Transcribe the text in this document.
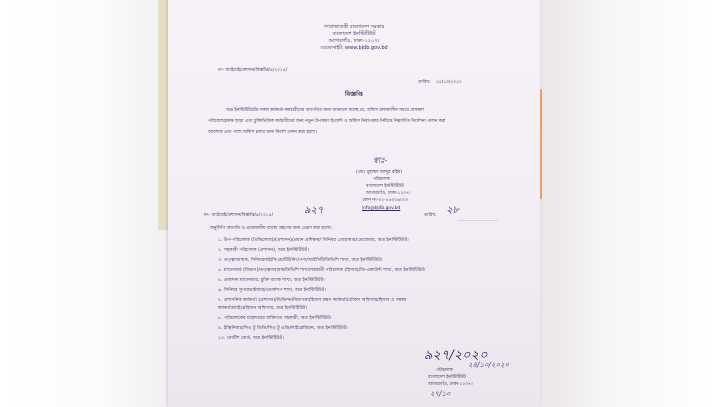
গণপ্রজাতন্ত্রী বাংলাদেশ সরকার
বাংলাদেশ ইনস্টিটিউট
আগারগাঁও, ঢাকা-১২০৭।
ওয়েবসাইট: www.bjdb.gov.bd
নং- বাংইয়েই/প্রশাসন/বিজ্ঞপ্তি/৯/২০১৫/
তারিখ: ২৪/১০/২০২০
বিজ্ঞপ্তি
অত্র ইনস্টিটিউটের সকল কর্মকর্তা-কর্মচারীদের অবগতির জন্য জানানো যাচ্ছে যে, অফিস চলাকালীন সময়ে যেসকল
পরিবেশের/কক্ষ ছাড়া এবং চুক্তিভিত্তিক কর্মচারীদের জন্য নতুন উপকরণ ইত্যাদি ও অফিস নিরাপত্তার নিমিত্তে নিম্নবর্ণিত নির্দেশনা পালন করা
আবশ্যক এবং পাশে অফিস চলার জন্য নির্দেশ প্রদান করা হলো।
স্বাঃ-
(মোঃ মুহাম্মদ আব্দুর রহিম)
পরিচালক
বাংলাদেশ ইনস্টিটিউট
আগারগাঁও, ঢাকা-১২০৭।
ফোন নং-০২-৫৫০০৬০০০
info@bjdb.gov.bd
নং- বাংইয়েই/প্রশাসন/বিজ্ঞপ্তি/৯/২০১৫/	৯২৭	তারিখ: ২৮
অনুলিপি অবগতি ও প্রয়োজনীয় ব্যবস্থা গ্রহণের জন্য প্রেরণ করা হলো।
১. উপ-পরিচালক (প্রিভিলেজ)/(প্রশাসন)/প্রধান প্রশিক্ষক/ সিনিয়র প্রোগ্রামার/প্রোগ্রামার, অত্র ইনস্টিটিউট।
২. সহকারী পরিচালক (প্রশাসন), অত্র ইনস্টিটিউট।
৩. তত্ত্বাবধায়ক, সিনিয়রমাই/সিএম/টিউনিং/পণ্য/আইসিটি/ডিভিশি শাখা, অত্র ইনস্টিটিউট।
৪. ম্যানেজার (বিভাগ)/তত্ত্বাবধায়ক/ডিভিশি শাখা/সহকারী পরিচালক (হিসাব)/ডি-একাউন্ট শাখা, অত্র ইনস্টিটিউট।
৫. প্রকাশনা ম্যানেজার, চুক্তি ব্যাংক শাখা, অত্র ইনস্টিটিউট।
৬. সিনিয়র সুপারভাইজার/ওয়ার্কশপ শাখা, অত্র ইনস্টিটিউট।
৭. প্রশাসনিক কর্মকর্তা (প্রশাসন)/ডিভিশন/নিরাপত্তা/হিসাব রক্ষণ কর্মকর্তা/চৌকস অফিসার/হিসাব ও সমন্বয়
কর্মকর্তা/লাইব্রেরিয়ান অফিসার, অত্র ইনস্টিটিউট।
৮. পরিচালকের মহোদয়ের ব্যক্তিগত সহকারী, অত্র ইনস্টিটিউট।
৯. ইঞ্জিনিয়ার/সিএ টু ডিডি/সিএ টু এডি/লাইব্রেরিয়ান, অত্র ইনস্টিটিউট।
১০. নোটিশ বোর্ড, অত্র ইনস্টিটিউট।
৯২৭/২০২০
২৪/১০/২০২০
পরিচালক
বাংলাদেশ ইনস্টিটিউট
আগারগাঁও, ঢাকা-১২০৭।
২৭/১০
